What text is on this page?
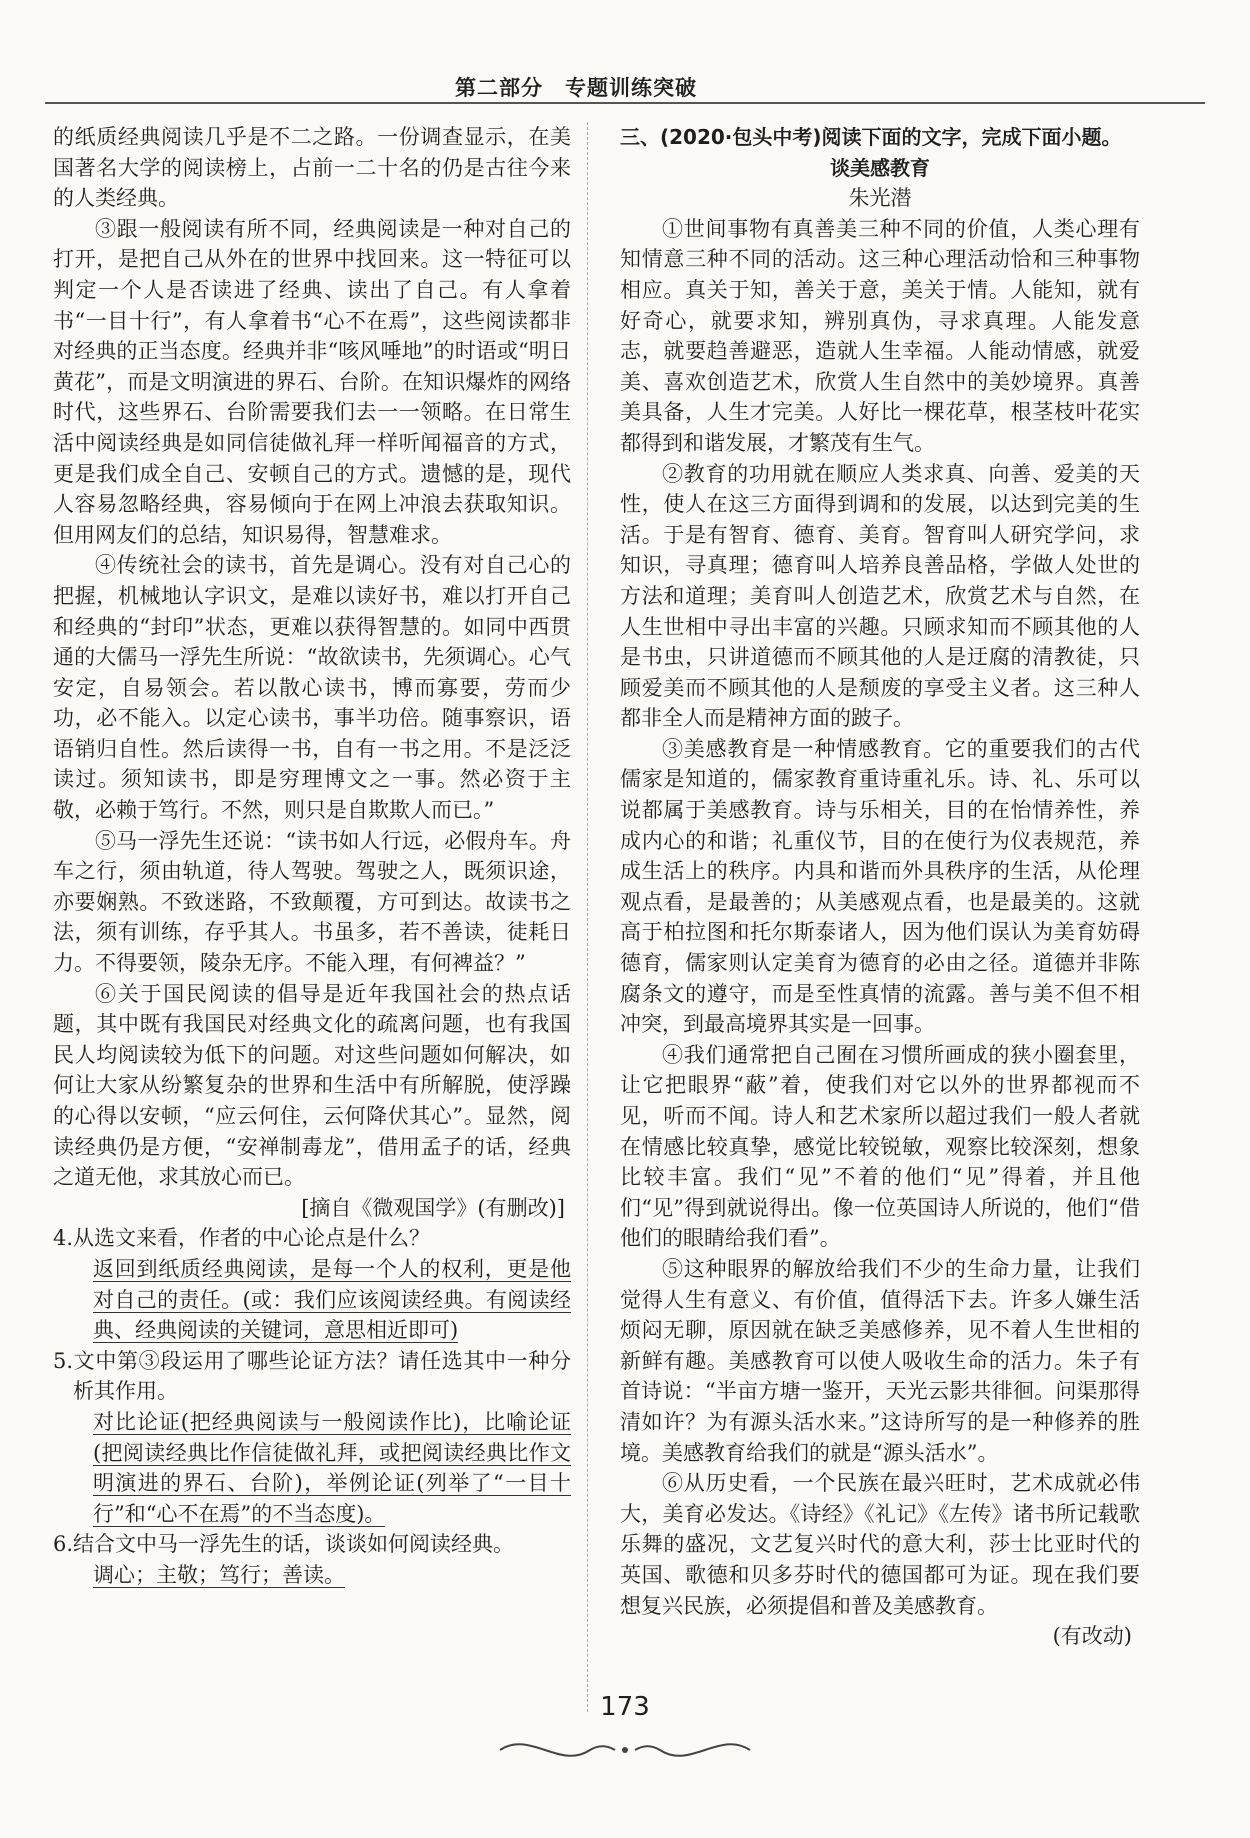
第二部分　专题训练突破

的纸质经典阅读几乎是不二之路。一份调查显示，在美国著名大学的阅读榜上，占前一二十名的仍是古往今来的人类经典。

③跟一般阅读有所不同，经典阅读是一种对自己的打开，是把自己从外在的世界中找回来。这一特征可以判定一个人是否读进了经典、读出了自己。有人拿着书“一目十行”，有人拿着书“心不在焉”，这些阅读都非对经典的正当态度。经典并非“咳风唾地”的时语或“明日黄花”，而是文明演进的界石、台阶。在知识爆炸的网络时代，这些界石、台阶需要我们去一一领略。在日常生活中阅读经典是如同信徒做礼拜一样听闻福音的方式，更是我们成全自己、安顿自己的方式。遗憾的是，现代人容易忽略经典，容易倾向于在网上冲浪去获取知识。但用网友们的总结，知识易得，智慧难求。

④传统社会的读书，首先是调心。没有对自己心的把握，机械地认字识文，是难以读好书，难以打开自己和经典的“封印”状态，更难以获得智慧的。如同中西贯通的大儒马一浮先生所说：“故欲读书，先须调心。心气安定，自易领会。若以散心读书，博而寡要，劳而少功，必不能入。以定心读书，事半功倍。随事察识，语语销归自性。然后读得一书，自有一书之用。不是泛泛读过。须知读书，即是穷理博文之一事。然必资于主敬，必赖于笃行。不然，则只是自欺欺人而已。”

⑤马一浮先生还说：“读书如人行远，必假舟车。舟车之行，须由轨道，待人驾驶。驾驶之人，既须识途，亦要娴熟。不致迷路，不致颠覆，方可到达。故读书之法，须有训练，存乎其人。书虽多，若不善读，徒耗日力。不得要领，陵杂无序。不能入理，有何裨益？”

⑥关于国民阅读的倡导是近年我国社会的热点话题，其中既有我国民对经典文化的疏离问题，也有我国民人均阅读较为低下的问题。对这些问题如何解决，如何让大家从纷繁复杂的世界和生活中有所解脱，使浮躁的心得以安顿，“应云何住，云何降伏其心”。显然，阅读经典仍是方便，“安禅制毒龙”，借用孟子的话，经典之道无他，求其放心而已。

[摘自《微观国学》(有删改)]

4.从选文来看，作者的中心论点是什么？

返回到纸质经典阅读，是每一个人的权利，更是他对自己的责任。(或：我们应该阅读经典。有阅读经典、经典阅读的关键词，意思相近即可)

5.文中第③段运用了哪些论证方法？请任选其中一种分析其作用。

对比论证(把经典阅读与一般阅读作比)，比喻论证(把阅读经典比作信徒做礼拜，或把阅读经典比作文明演进的界石、台阶)，举例论证(列举了“一目十行”和“心不在焉”的不当态度)。

6.结合文中马一浮先生的话，谈谈如何阅读经典。

调心；主敬；笃行；善读。

三、(2020·包头中考)阅读下面的文字，完成下面小题。

谈美感教育

朱光潜

①世间事物有真善美三种不同的价值，人类心理有知情意三种不同的活动。这三种心理活动恰和三种事物相应。真关于知，善关于意，美关于情。人能知，就有好奇心，就要求知，辨别真伪，寻求真理。人能发意志，就要趋善避恶，造就人生幸福。人能动情感，就爱美、喜欢创造艺术，欣赏人生自然中的美妙境界。真善美具备，人生才完美。人好比一棵花草，根茎枝叶花实都得到和谐发展，才繁茂有生气。

②教育的功用就在顺应人类求真、向善、爱美的天性，使人在这三方面得到调和的发展，以达到完美的生活。于是有智育、德育、美育。智育叫人研究学问，求知识，寻真理；德育叫人培养良善品格，学做人处世的方法和道理；美育叫人创造艺术，欣赏艺术与自然，在人生世相中寻出丰富的兴趣。只顾求知而不顾其他的人是书虫，只讲道德而不顾其他的人是迂腐的清教徒，只顾爱美而不顾其他的人是颓废的享受主义者。这三种人都非全人而是精神方面的跛子。

③美感教育是一种情感教育。它的重要我们的古代儒家是知道的，儒家教育重诗重礼乐。诗、礼、乐可以说都属于美感教育。诗与乐相关，目的在怡情养性，养成内心的和谐；礼重仪节，目的在使行为仪表规范，养成生活上的秩序。内具和谐而外具秩序的生活，从伦理观点看，是最善的；从美感观点看，也是最美的。这就高于柏拉图和托尔斯泰诸人，因为他们误认为美育妨碍德育，儒家则认定美育为德育的必由之径。道德并非陈腐条文的遵守，而是至性真情的流露。善与美不但不相冲突，到最高境界其实是一回事。

④我们通常把自己囿在习惯所画成的狭小圈套里，让它把眼界“蔽”着，使我们对它以外的世界都视而不见，听而不闻。诗人和艺术家所以超过我们一般人者就在情感比较真挚，感觉比较锐敏，观察比较深刻，想象比较丰富。我们“见”不着的他们“见”得着，并且他们“见”得到就说得出。像一位英国诗人所说的，他们“借他们的眼睛给我们看”。

⑤这种眼界的解放给我们不少的生命力量，让我们觉得人生有意义、有价值，值得活下去。许多人嫌生活烦闷无聊，原因就在缺乏美感修养，见不着人生世相的新鲜有趣。美感教育可以使人吸收生命的活力。朱子有首诗说：“半亩方塘一鉴开，天光云影共徘徊。问渠那得清如许？为有源头活水来。”这诗所写的是一种修养的胜境。美感教育给我们的就是“源头活水”。

⑥从历史看，一个民族在最兴旺时，艺术成就必伟大，美育必发达。《诗经》《礼记》《左传》诸书所记载歌乐舞的盛况，文艺复兴时代的意大利，莎士比亚时代的英国、歌德和贝多芬时代的德国都可为证。现在我们要想复兴民族，必须提倡和普及美感教育。

(有改动)

173
